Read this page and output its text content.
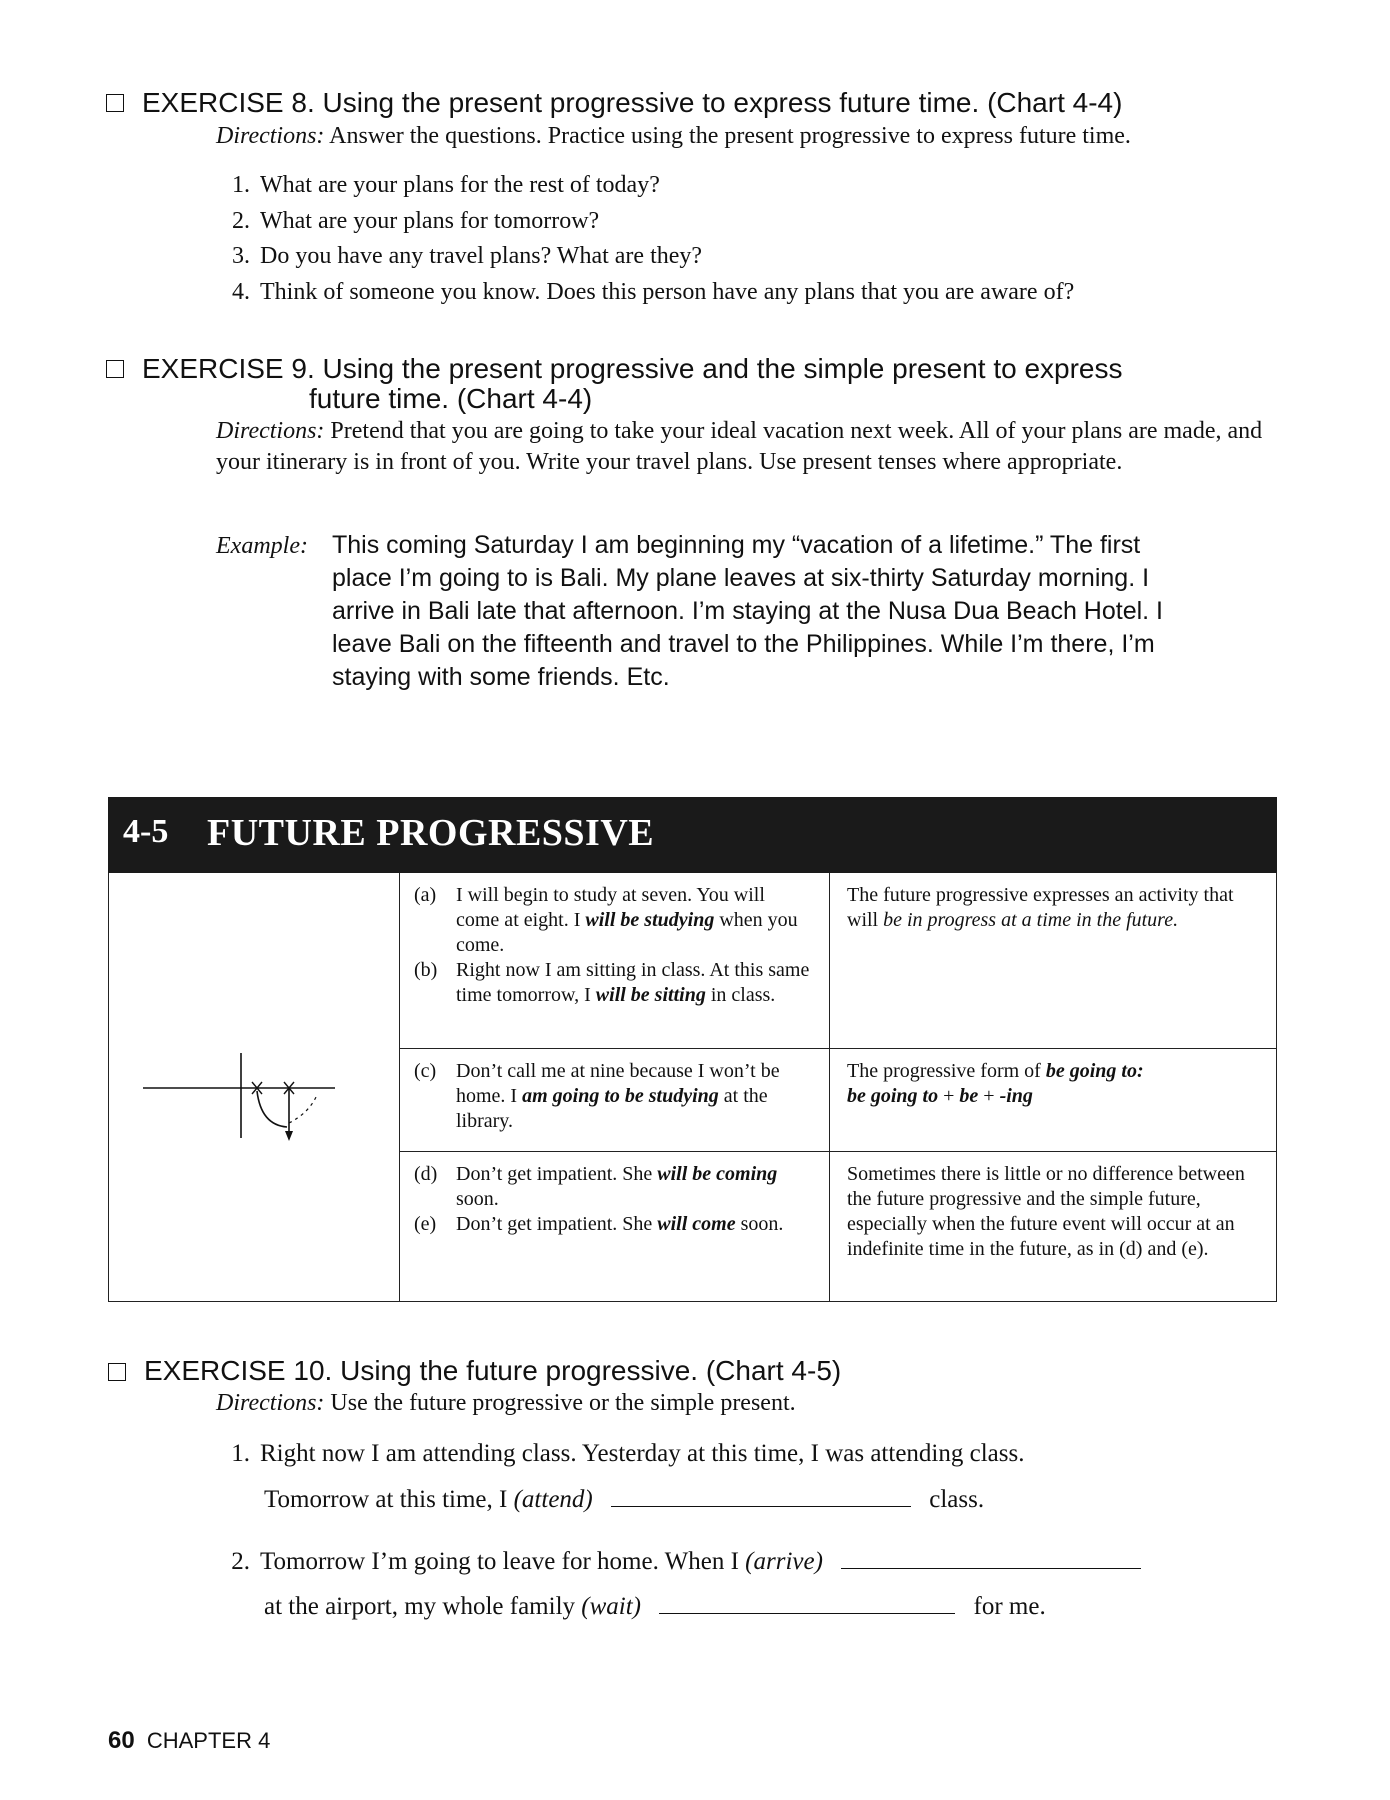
EXERCISE 8. Using the present progressive to express future time. (Chart 4-4)
Directions: Answer the questions. Practice using the present progressive to express future time.
1. What are your plans for the rest of today?
2. What are your plans for tomorrow?
3. Do you have any travel plans? What are they?
4. Think of someone you know. Does this person have any plans that you are aware of?
EXERCISE 9. Using the present progressive and the simple present to express
future time. (Chart 4-4)
Directions: Pretend that you are going to take your ideal vacation next week. All of your plans are made, and your itinerary is in front of you. Write your travel plans. Use present tenses where appropriate.
Example: This coming Saturday I am beginning my “vacation of a lifetime.” The first
place I’m going to is Bali. My plane leaves at six-thirty Saturday morning. I
arrive in Bali late that afternoon. I’m staying at the Nusa Dua Beach Hotel. I
leave Bali on the fifteenth and travel to the Philippines. While I’m there, I’m
staying with some friends. Etc.
4-5 FUTURE PROGRESSIVE
(a) I will begin to study at seven. You will come at eight. I will be studying when you come.
(b) Right now I am sitting in class. At this same time tomorrow, I will be sitting in class.
The future progressive expresses an activity that will be in progress at a time in the future.
(c) Don’t call me at nine because I won’t be home. I am going to be studying at the library.
The progressive form of be going to:
be going to + be + -ing
(d) Don’t get impatient. She will be coming soon.
(e) Don’t get impatient. She will come soon.
Sometimes there is little or no difference between the future progressive and the simple future, especially when the future event will occur at an indefinite time in the future, as in (d) and (e).
EXERCISE 10. Using the future progressive. (Chart 4-5)
Directions: Use the future progressive or the simple present.
1. Right now I am attending class. Yesterday at this time, I was attending class.
Tomorrow at this time, I (attend)	class.
2. Tomorrow I’m going to leave for home. When I (arrive)
at the airport, my whole family (wait)	for me.
60 CHAPTER 4
